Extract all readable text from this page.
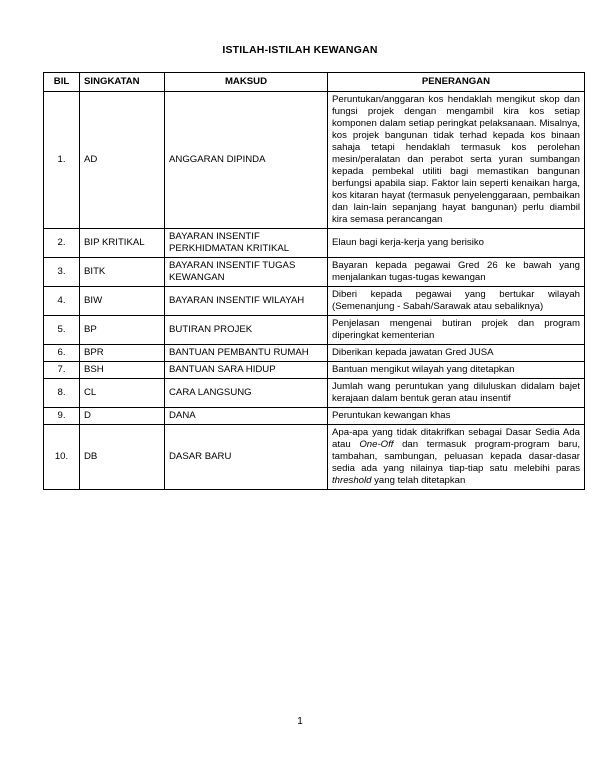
ISTILAH-ISTILAH KEWANGAN
BIL	SINGKATAN	MAKSUD	PENERANGAN
1.	AD	ANGGARAN DIPINDA	Peruntukan/anggaran kos hendaklah mengikut skop dan fungsi projek dengan mengambil kira kos setiap komponen dalam setiap peringkat pelaksanaan. Misalnya, kos projek bangunan tidak terhad kepada kos binaan sahaja tetapi hendaklah termasuk kos perolehan mesin/peralatan dan perabot serta yuran sumbangan kepada pembekal utiliti bagi memastikan bangunan berfungsi apabila siap. Faktor lain seperti kenaikan harga, kos kitaran hayat (termasuk penyelenggaraan, pembaikan dan lain-lain sepanjang hayat bangunan) perlu diambil kira semasa perancangan
2.	BIP KRITIKAL	BAYARAN INSENTIF PERKHIDMATAN KRITIKAL	Elaun bagi kerja-kerja yang berisiko
3.	BITK	BAYARAN INSENTIF TUGAS KEWANGAN	Bayaran kepada pegawai Gred 26 ke bawah yang menjalankan tugas-tugas kewangan
4.	BIW	BAYARAN INSENTIF WILAYAH	Diberi kepada pegawai yang bertukar wilayah (Semenanjung - Sabah/Sarawak atau sebaliknya)
5.	BP	BUTIRAN PROJEK	Penjelasan mengenai butiran projek dan program diperingkat kementerian
6.	BPR	BANTUAN PEMBANTU RUMAH	Diberikan kepada jawatan Gred JUSA
7.	BSH	BANTUAN SARA HIDUP	Bantuan mengikut wilayah yang ditetapkan
8.	CL	CARA LANGSUNG	Jumlah wang peruntukan yang diluluskan didalam bajet kerajaan dalam bentuk geran atau insentif
9.	D	DANA	Peruntukan kewangan khas
10.	DB	DASAR BARU	Apa-apa yang tidak ditakrifkan sebagai Dasar Sedia Ada atau One-Off dan termasuk program-program baru, tambahan, sambungan, peluasan kepada dasar-dasar sedia ada yang nilainya tiap-tiap satu melebihi paras threshold yang telah ditetapkan
1
